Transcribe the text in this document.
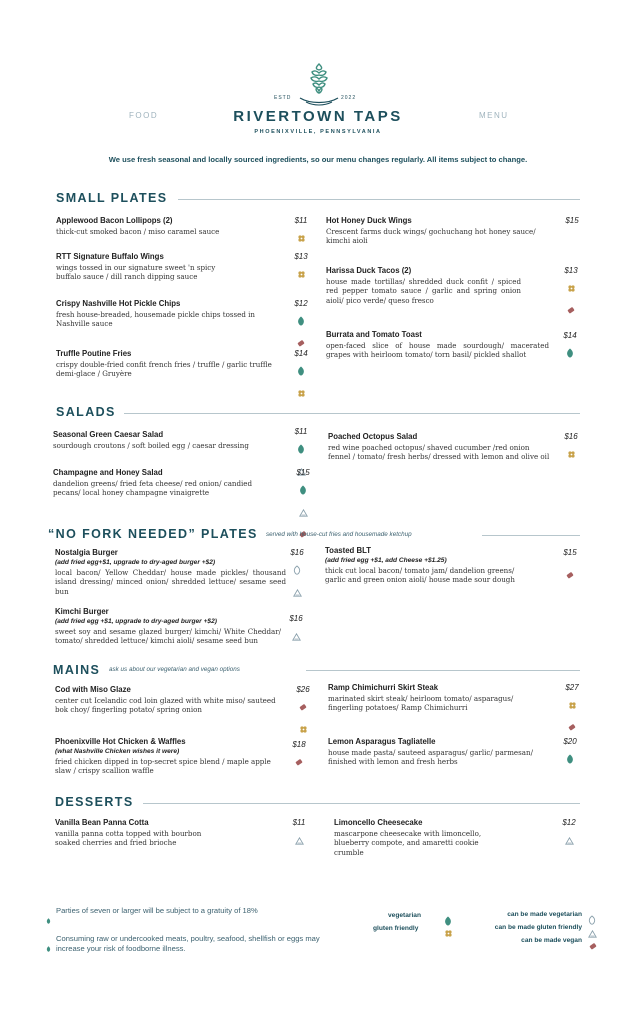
FOOD	MENU
ESTD	2022
RIVERTOWN TAPS
PHOENIXVILLE, PENNSYLVANIA
We use fresh seasonal and locally sourced ingredients, so our menu changes regularly. All items subject to change.
SMALL PLATES
Applewood Bacon Lollipops (2)
thick-cut smoked bacon / miso caramel sauce
$11
RTT Signature Buffalo Wings
wings tossed in our signature sweet 'n spicy buffalo sauce / dill ranch dipping sauce
$13
Crispy Nashville Hot Pickle Chips
fresh house-breaded, housemade pickle chips tossed in Nashville sauce
$12
Truffle Poutine Fries
crispy double-fried confit french fries / truffle / garlic truffle demi-glace / Gruyère
$14
Hot Honey Duck Wings
Crescent farms duck wings/ gochuchang hot honey sauce/ kimchi aioli
$15
Harissa Duck Tacos (2)
house made tortillas/ shredded duck confit / spiced red pepper tomato sauce / garlic and spring onion aioli/ pico verde/ queso fresco
$13
Burrata and Tomato Toast
open-faced slice of house made sourdough/ macerated grapes with heirloom tomato/ torn basil/ pickled shallot
$14
SALADS
Seasonal Green Caesar Salad
sourdough croutons / soft boiled egg / caesar dressing
$11
Champagne and Honey Salad
dandelion greens/ fried feta cheese/ red onion/ candied pecans/ local honey champagne vinaigrette
$15
Poached Octopus Salad
red wine poached octopus/ shaved cucumber /red onion fennel / tomato/ fresh herbs/ dressed with lemon and olive oil
$16
“NO FORK NEEDED” PLATES served with house-cut fries and housemade ketchup
Nostalgia Burger
(add fried egg+$1, upgrade to dry-aged burger +$2)
local bacon/ Yellow Cheddar/ house made pickles/ thousand island dressing/ minced onion/ shredded lettuce/ sesame seed bun
$16
Kimchi Burger
(add fried egg +$1, upgrade to dry-aged burger +$2)
sweet soy and sesame glazed burger/ kimchi/ White Cheddar/ tomato/ shredded lettuce/ kimchi aioli/ sesame seed bun
$16
Toasted BLT
(add fried egg +$1, add Cheese +$1.25)
thick cut local bacon/ tomato jam/ dandelion greens/ garlic and green onion aioli/ house made sour dough
$15
MAINS ask us about our vegetarian and vegan options
Cod with Miso Glaze
center cut Icelandic cod loin glazed with white miso/ sauteed bok choy/ fingerling potato/ spring onion
$26
Phoenixville Hot Chicken & Waffles
(what Nashville Chicken wishes it were)
fried chicken dipped in top-secret spice blend / maple apple slaw / crispy scallion waffle
$18
Ramp Chimichurri Skirt Steak
marinated skirt steak/ heirloom tomato/ asparagus/ fingerling potatoes/ Ramp Chimichurri
$27
Lemon Asparagus Tagliatelle
house made pasta/ sauteed asparagus/ garlic/ parmesan/ finished with lemon and fresh herbs
$20
DESSERTS
Vanilla Bean Panna Cotta
vanilla panna cotta topped with bourbon soaked cherries and fried brioche
$11	Limoncello Cheesecake
mascarpone cheesecake with limoncello, blueberry compote, and amaretti cookie crumble
$12
Parties of seven or larger will be subject to a gratuity of 18%
Consuming raw or undercooked meats, poultry, seafood, shellfish or eggs may increase your risk of foodborne illness.
vegetarian
gluten friendly
can be made vegetarian
can be made gluten friendly
can be made vegan
